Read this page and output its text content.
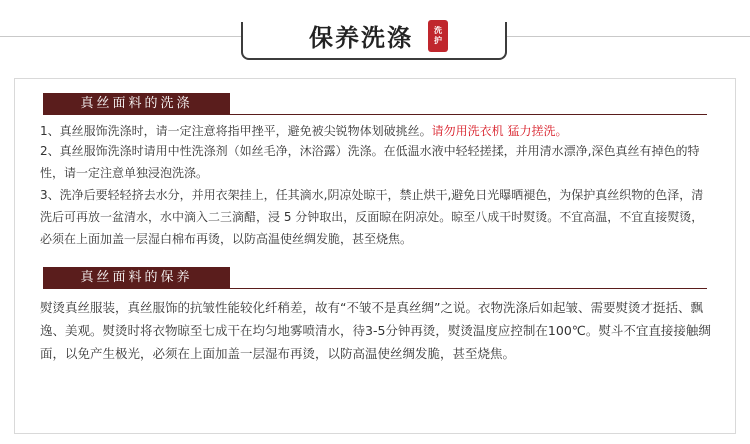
保养洗涤	洗
护
真丝面料的洗涤
1、真丝服饰洗涤时，请一定注意将指甲挫平，避免被尖锐物体划破挑丝。请勿用洗衣机 猛力搓洗。
2、真丝服饰洗涤时请用中性洗涤剂（如丝毛净，沐浴露）洗涤。在低温水液中轻轻搓揉，并用清水漂净,深色真丝有掉色的特性，请一定注意单独浸泡洗涤。
3、洗净后要轻轻挤去水分，并用衣架挂上，任其滴水,阴凉处晾干，禁止烘干,避免日光曝晒褪色，为保护真丝织物的色泽，清洗后可再放一盆清水，水中滴入二三滴醋，浸 5 分钟取出，反面晾在阴凉处。晾至八成干时熨烫。不宜高温，不宜直接熨烫，必须在上面加盖一层湿白棉布再烫，以防高温使丝绸发脆，甚至烧焦。
真丝面料的保养
熨烫真丝服装，真丝服饰的抗皱性能较化纤稍差，故有“不皱不是真丝绸”之说。衣物洗涤后如起皱、需要熨烫才挺括、飘逸、美观。熨烫时将衣物晾至七成干在均匀地雾喷清水，待3-5分钟再烫，熨烫温度应控制在100℃。熨斗不宜直接接触绸面，以免产生极光，必须在上面加盖一层湿布再烫，以防高温使丝绸发脆，甚至烧焦。
